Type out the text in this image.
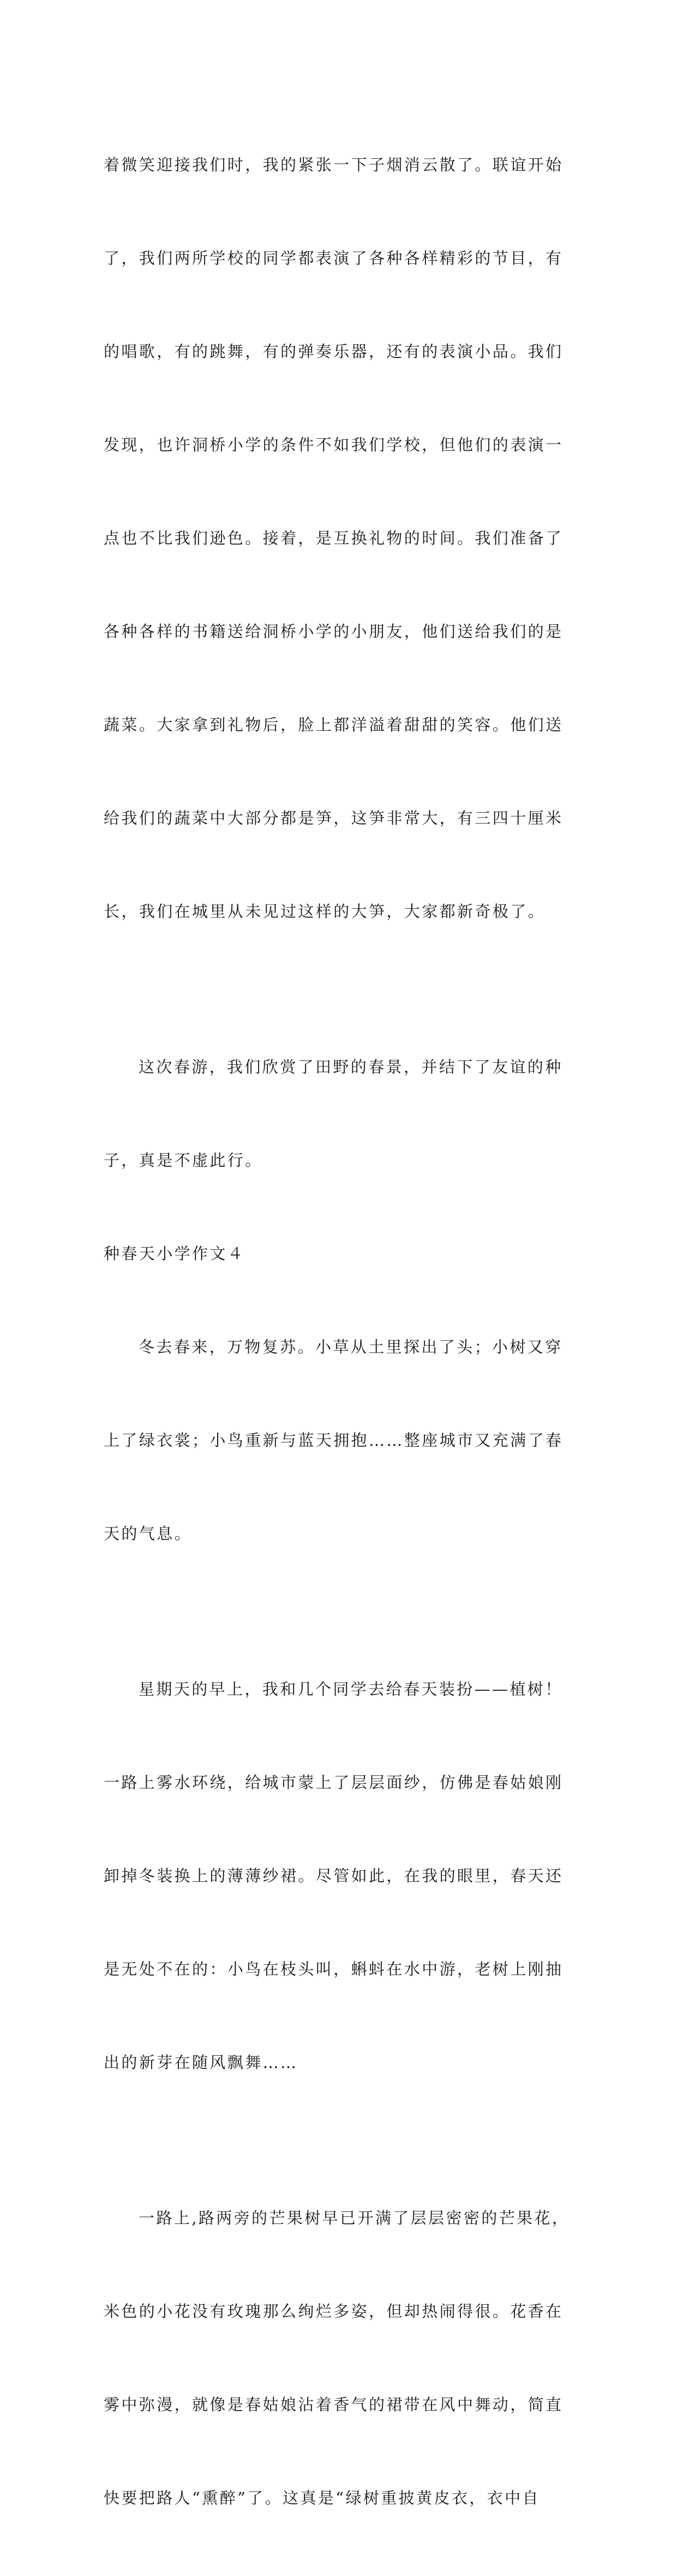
着微笑迎接我们时，我的紧张一下子烟消云散了。联谊开始

了，我们两所学校的同学都表演了各种各样精彩的节目，有

的唱歌，有的跳舞，有的弹奏乐器，还有的表演小品。我们

发现，也许洞桥小学的条件不如我们学校，但他们的表演一

点也不比我们逊色。接着，是互换礼物的时间。我们准备了

各种各样的书籍送给洞桥小学的小朋友，他们送给我们的是

蔬菜。大家拿到礼物后，脸上都洋溢着甜甜的笑容。他们送

给我们的蔬菜中大部分都是笋，这笋非常大，有三四十厘米

长，我们在城里从未见过这样的大笋，大家都新奇极了。

这次春游，我们欣赏了田野的春景，并结下了友谊的种

子，真是不虚此行。

种春天小学作文４

冬去春来，万物复苏。小草从土里探出了头；小树又穿

上了绿衣裳；小鸟重新与蓝天拥抱……整座城市又充满了春

天的气息。

星期天的早上，我和几个同学去给春天装扮——植树！

一路上雾水环绕，给城市蒙上了层层面纱，仿佛是春姑娘刚

卸掉冬装换上的薄薄纱裙。尽管如此，在我的眼里，春天还

是无处不在的：小鸟在枝头叫，蝌蚪在水中游，老树上刚抽

出的新芽在随风飘舞……

一路上,路两旁的芒果树早已开满了层层密密的芒果花，

米色的小花没有玫瑰那么绚烂多姿，但却热闹得很。花香在

雾中弥漫，就像是春姑娘沾着香气的裙带在风中舞动，简直

快要把路人“熏醉”了。这真是“绿树重披黄皮衣，衣中自
